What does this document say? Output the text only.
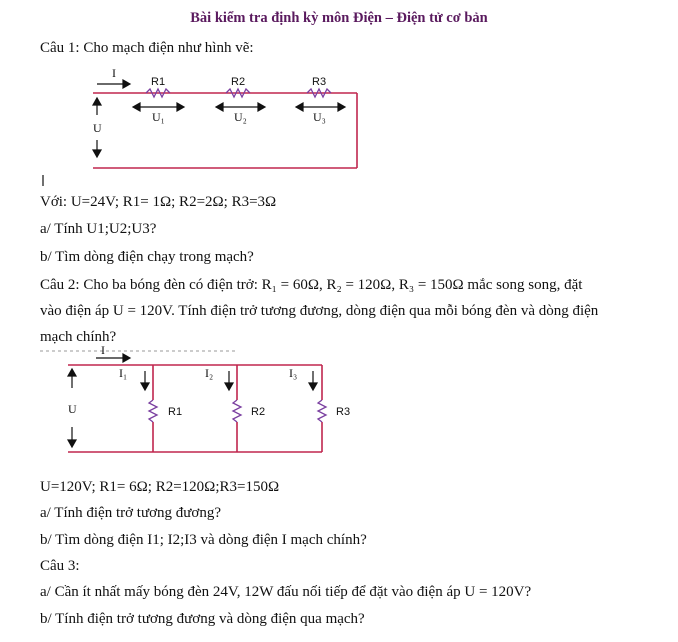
Bài kiểm tra định kỳ môn Điện – Điện tử cơ bản
Câu 1: Cho mạch điện như hình vẽ:
I
U
R1	R2	R3
U₁	U₂	U₃
Với: U=24V; R1= 1Ω; R2=2Ω; R3=3Ω
a/ Tính U1;U2;U3?
b/ Tìm dòng điện chạy trong mạch?
Câu 2: Cho ba bóng đèn có điện trở: R₁ = 60Ω, R₂ = 120Ω, R₃ = 150Ω mắc song song, đặt
vào điện áp U = 120V. Tính điện trở tương đương, dòng điện qua mỗi bóng đèn và dòng điện
mạch chính?
I
U
I₁	I₂	I₃
R1	R2	R3
U=120V; R1= 6Ω; R2=120Ω;R3=150Ω
a/ Tính điện trở tương đương?
b/ Tìm dòng điện I1; I2;I3 và dòng điện I mạch chính?
Câu 3:
a/ Cần ít nhất mấy bóng đèn 24V, 12W đấu nối tiếp để đặt vào điện áp U = 120V?
b/ Tính điện trở tương đương và dòng điện qua mạch?
